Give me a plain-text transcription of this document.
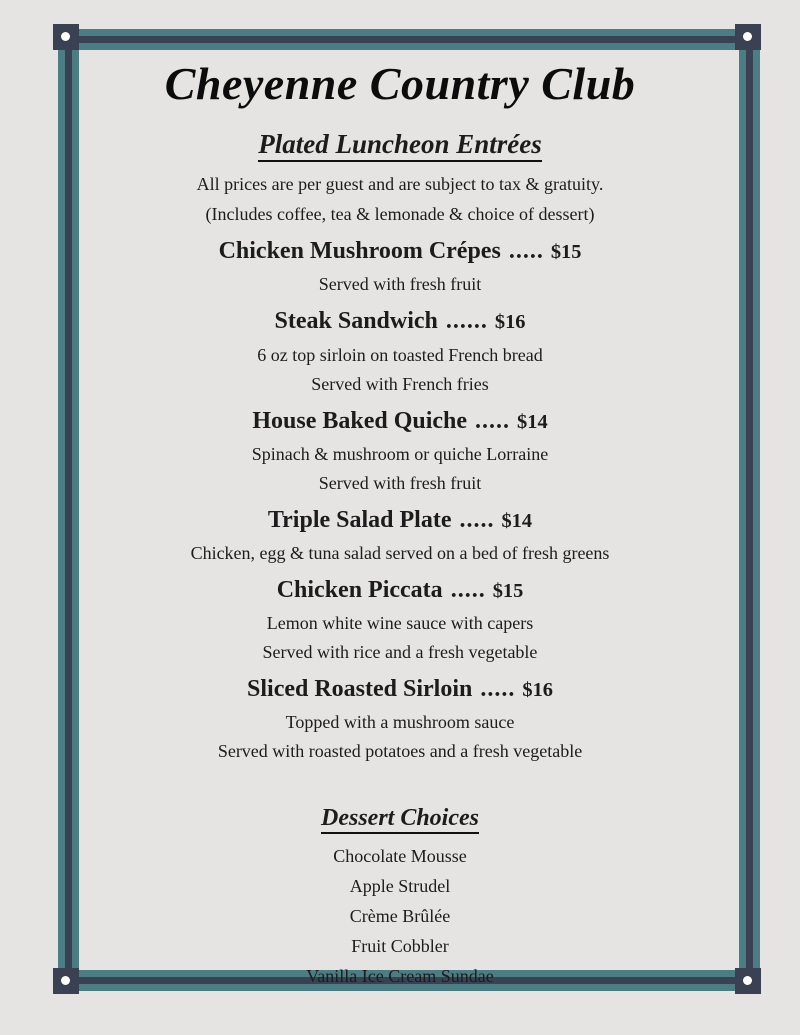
Cheyenne Country Club
Plated Luncheon Entrées

All prices are per guest and are subject to tax & gratuity.

(Includes coffee, tea & lemonade & choice of dessert)

Chicken Mushroom Crépes ..... $15

Served with fresh fruit

Steak Sandwich ...... $16

6 oz top sirloin on toasted French bread

Served with French fries

House Baked Quiche ..... $14

Spinach & mushroom or quiche Lorraine

Served with fresh fruit

Triple Salad Plate ..... $14

Chicken, egg & tuna salad served on a bed of fresh greens

Chicken Piccata ..... $15

Lemon white wine sauce with capers

Served with rice and a fresh vegetable

Sliced Roasted Sirloin ..... $16

Topped with a mushroom sauce

Served with roasted potatoes and a fresh vegetable

Dessert Choices

Chocolate Mousse

Apple Strudel

Crème Brûlée

Fruit Cobbler

Vanilla Ice Cream Sundae
